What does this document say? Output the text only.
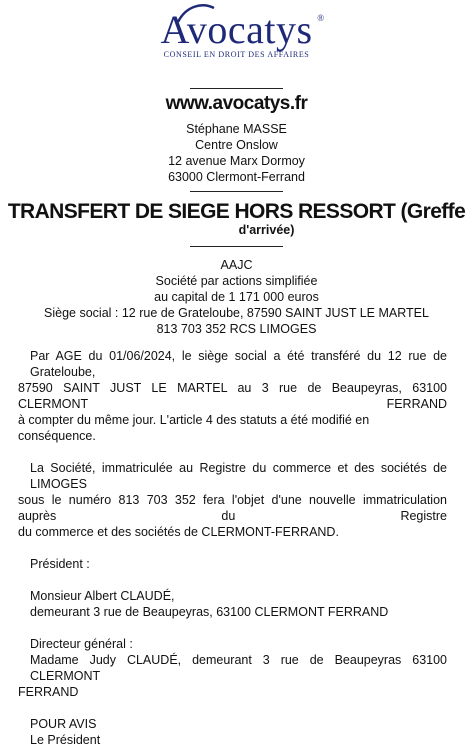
Avocatys ®
CONSEIL EN DROIT DES AFFAIRES
www.avocatys.fr
Stéphane MASSE
Centre Onslow
12 avenue Marx Dormoy
63000 Clermont-Ferrand
TRANSFERT DE SIEGE HORS RESSORT (Greffe
d'arrivée)
AAJC
Société par actions simplifiée
au capital de 1 171 000 euros
Siège social : 12 rue de Grateloube, 87590 SAINT JUST LE MARTEL
813 703 352 RCS LIMOGES

Par AGE du 01/06/2024, le siège social a été transféré du 12 rue de Grateloube,

87590 SAINT JUST LE MARTEL au 3 rue de Beaupeyras, 63100 CLERMONT FERRAND

à compter du même jour. L'article 4 des statuts a été modifié en conséquence.

La Société, immatriculée au Registre du commerce et des sociétés de LIMOGES

sous le numéro 813 703 352 fera l'objet d'une nouvelle immatriculation auprès du Registre

du commerce et des sociétés de CLERMONT-FERRAND.

Président :

Monsieur Albert CLAUDÉ,

demeurant 3 rue de Beaupeyras, 63100 CLERMONT FERRAND

Directeur général :

Madame Judy CLAUDÉ, demeurant 3 rue de Beaupeyras 63100 CLERMONT

FERRAND

POUR AVIS

Le Président
